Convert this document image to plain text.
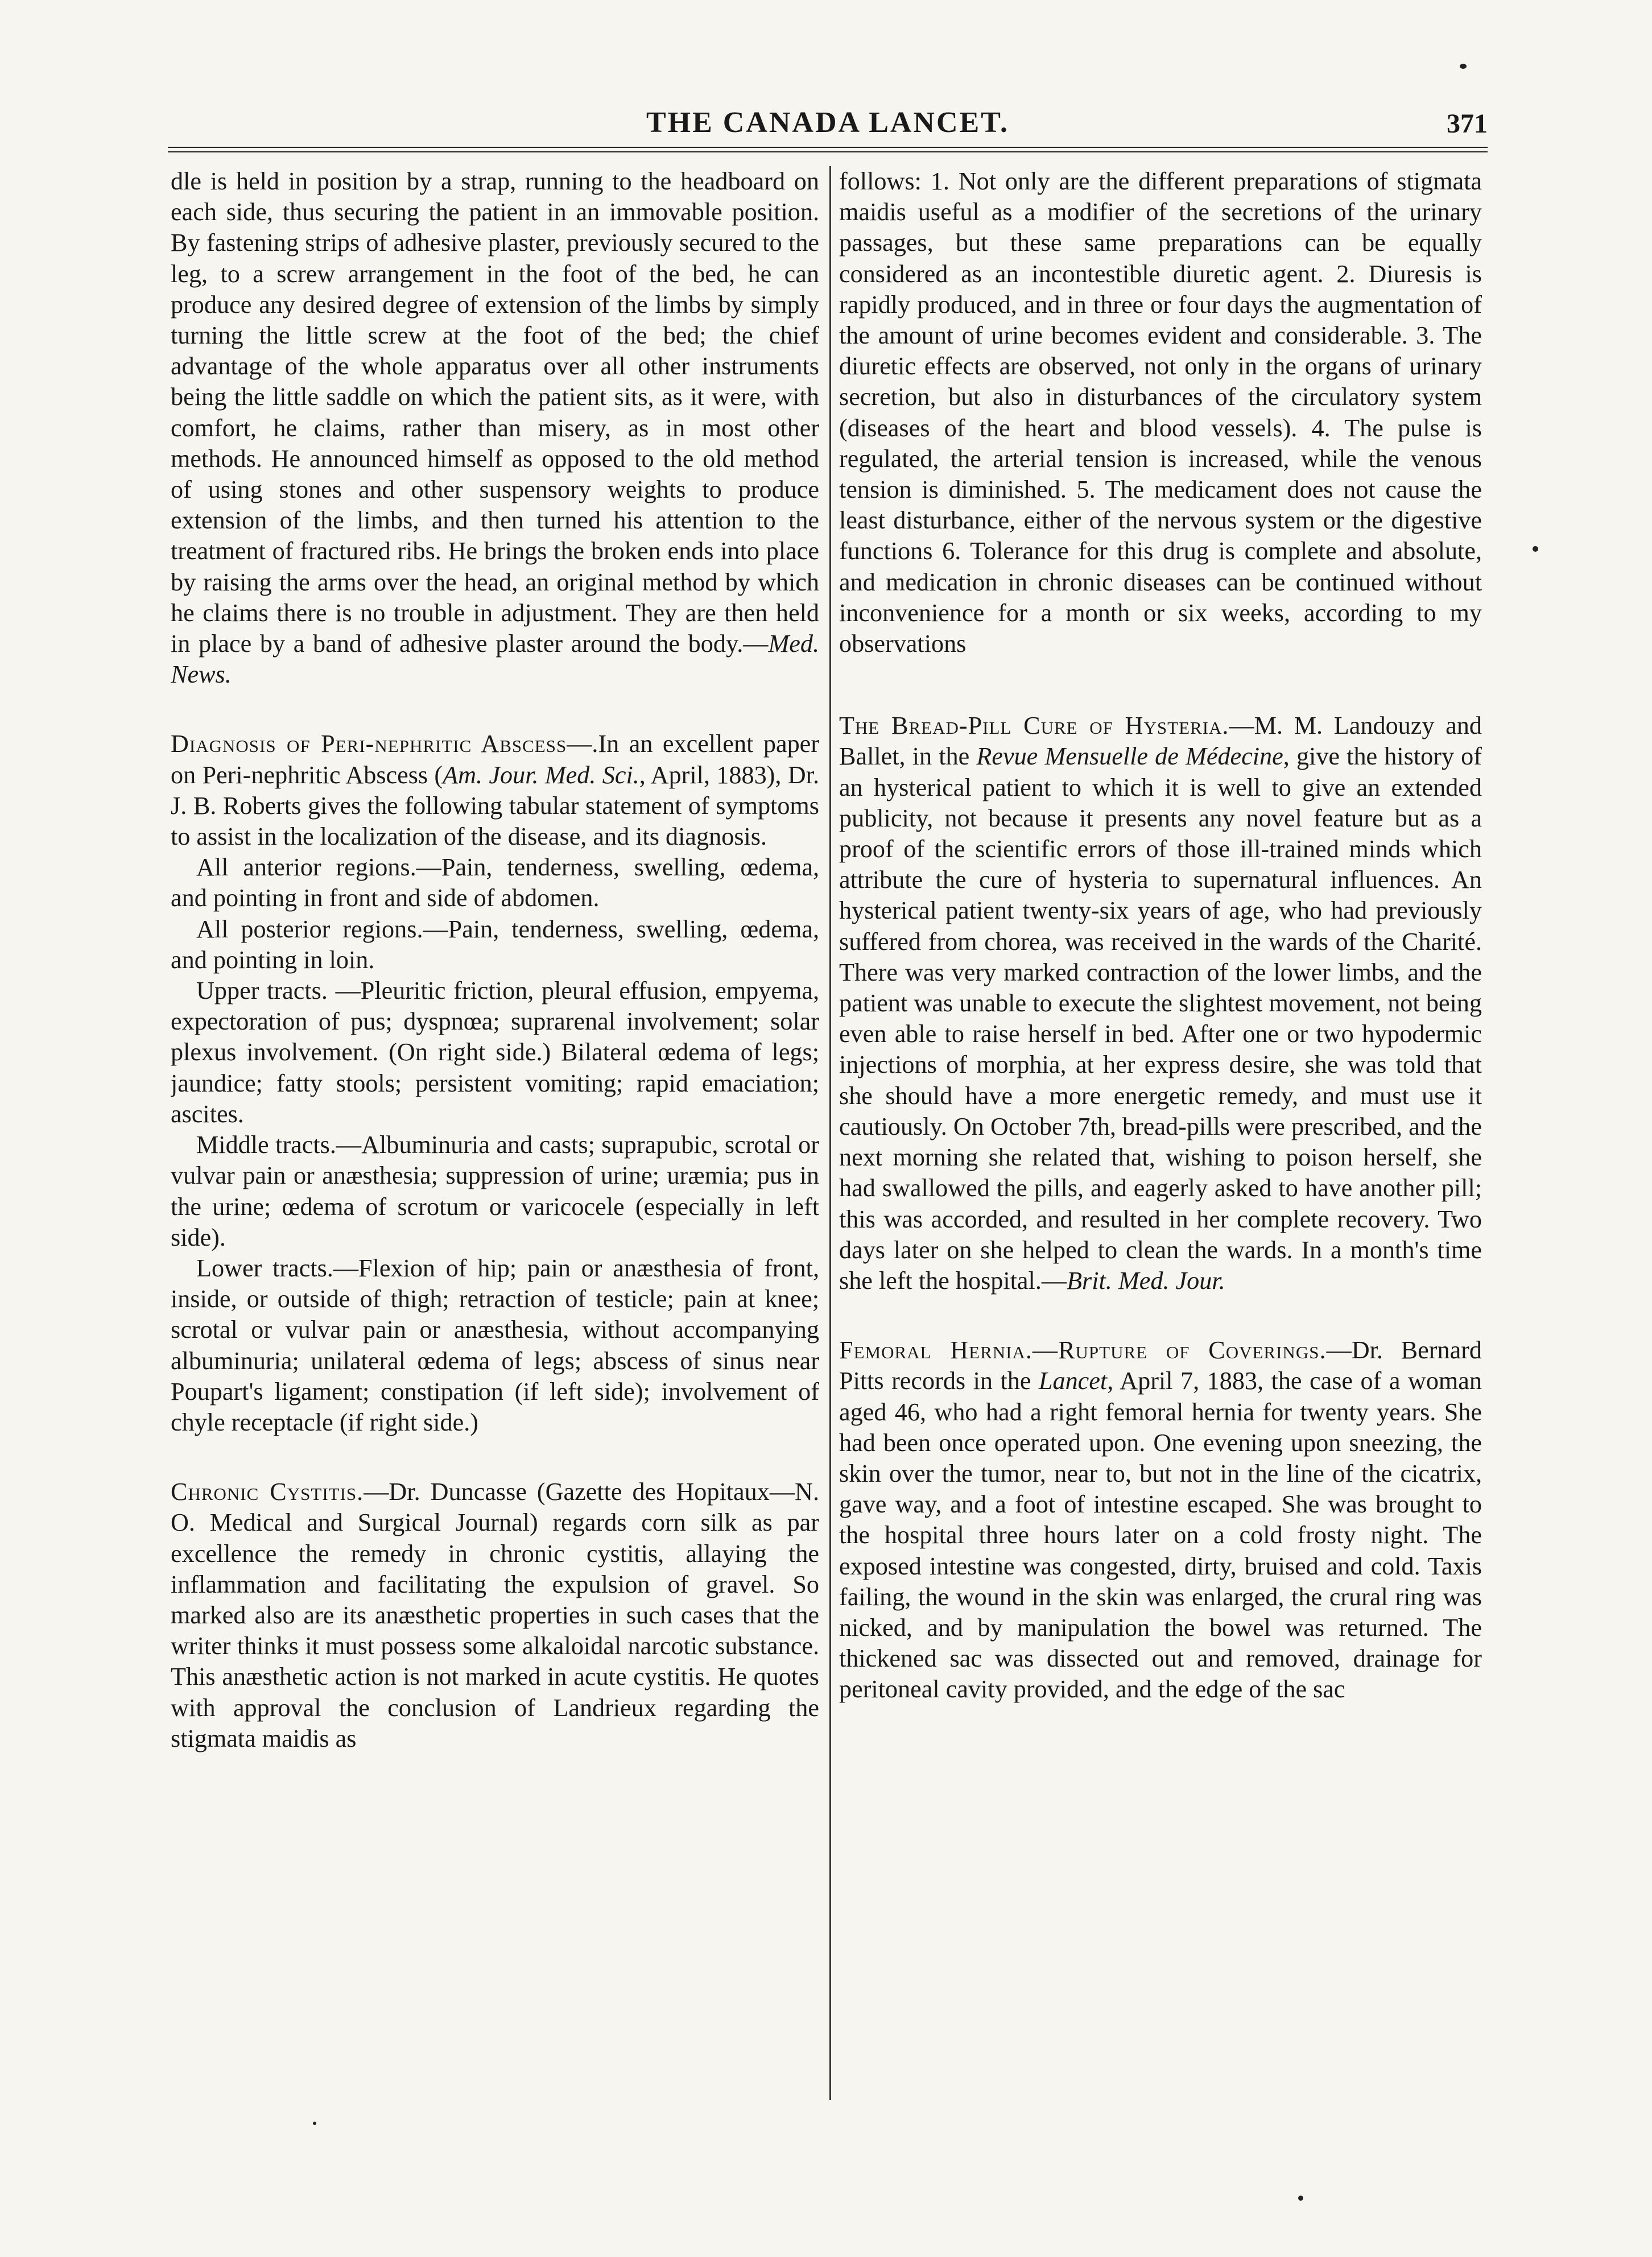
THE CANADA LANCET.	371

dle is held in position by a strap, running to the headboard on each side, thus securing the patient in an immovable position. By fastening strips of adhesive plaster, previously secured to the leg, to a screw arrangement in the foot of the bed, he can produce any desired degree of extension of the limbs by simply turning the little screw at the foot of the bed; the chief advantage of the whole apparatus over all other instruments being the little saddle on which the patient sits, as it were, with comfort, he claims, rather than misery, as in most other methods. He announced himself as opposed to the old method of using stones and other suspensory weights to produce extension of the limbs, and then turned his attention to the treatment of fractured ribs. He brings the broken ends into place by raising the arms over the head, an original method by which he claims there is no trouble in adjustment. They are then held in place by a band of adhesive plaster around the body.—Med. News.

Diagnosis of Peri-nephritic Abscess—.In an excellent paper on Peri-nephritic Abscess (Am. Jour. Med. Sci., April, 1883), Dr. J. B. Roberts gives the following tabular statement of symptoms to assist in the localization of the disease, and its diagnosis.

All anterior regions.—Pain, tenderness, swelling, œdema, and pointing in front and side of abdomen.

All posterior regions.—Pain, tenderness, swelling, œdema, and pointing in loin.

Upper tracts. —Pleuritic friction, pleural effusion, empyema, expectoration of pus; dyspnœa; suprarenal involvement; solar plexus involvement. (On right side.) Bilateral œdema of legs; jaundice; fatty stools; persistent vomiting; rapid emaciation; ascites.

Middle tracts.—Albuminuria and casts; suprapubic, scrotal or vulvar pain or anæsthesia; suppression of urine; uræmia; pus in the urine; œdema of scrotum or varicocele (especially in left side).

Lower tracts.—Flexion of hip; pain or anæsthesia of front, inside, or outside of thigh; retraction of testicle; pain at knee; scrotal or vulvar pain or anæsthesia, without accompanying albuminuria; unilateral œdema of legs; abscess of sinus near Poupart's ligament; constipation (if left side); involvement of chyle receptacle (if right side.)

Chronic Cystitis.—Dr. Duncasse (Gazette des Hopitaux—N. O. Medical and Surgical Journal) regards corn silk as par excellence the remedy in chronic cystitis, allaying the inflammation and facilitating the expulsion of gravel. So marked also are its anæsthetic properties in such cases that the writer thinks it must possess some alkaloidal narcotic substance. This anæsthetic action is not marked in acute cystitis. He quotes with approval the conclusion of Landrieux regarding the stigmata maidis as

follows: 1. Not only are the different preparations of stigmata maidis useful as a modifier of the secretions of the urinary passages, but these same preparations can be equally considered as an incontestible diuretic agent. 2. Diuresis is rapidly produced, and in three or four days the augmentation of the amount of urine becomes evident and considerable. 3. The diuretic effects are observed, not only in the organs of urinary secretion, but also in disturbances of the circulatory system (diseases of the heart and blood vessels). 4. The pulse is regulated, the arterial tension is increased, while the venous tension is diminished. 5. The medicament does not cause the least disturbance, either of the nervous system or the digestive functions 6. Tolerance for this drug is complete and absolute, and medication in chronic diseases can be continued without inconvenience for a month or six weeks, according to my observations

The Bread-Pill Cure of Hysteria.—M. M. Landouzy and Ballet, in the Revue Mensuelle de Médecine, give the history of an hysterical patient to which it is well to give an extended publicity, not because it presents any novel feature but as a proof of the scientific errors of those ill-trained minds which attribute the cure of hysteria to supernatural influences. An hysterical patient twenty-six years of age, who had previously suffered from chorea, was received in the wards of the Charité. There was very marked contraction of the lower limbs, and the patient was unable to execute the slightest movement, not being even able to raise herself in bed. After one or two hypodermic injections of morphia, at her express desire, she was told that she should have a more energetic remedy, and must use it cautiously. On October 7th, bread-pills were prescribed, and the next morning she related that, wishing to poison herself, she had swallowed the pills, and eagerly asked to have another pill; this was accorded, and resulted in her complete recovery. Two days later on she helped to clean the wards. In a month's time she left the hospital.—Brit. Med. Jour.

Femoral Hernia.—Rupture of Coverings.—Dr. Bernard Pitts records in the Lancet, April 7, 1883, the case of a woman aged 46, who had a right femoral hernia for twenty years. She had been once operated upon. One evening upon sneezing, the skin over the tumor, near to, but not in the line of the cicatrix, gave way, and a foot of intestine escaped. She was brought to the hospital three hours later on a cold frosty night. The exposed intestine was congested, dirty, bruised and cold. Taxis failing, the wound in the skin was enlarged, the crural ring was nicked, and by manipulation the bowel was returned. The thickened sac was dissected out and removed, drainage for peritoneal cavity provided, and the edge of the sac
